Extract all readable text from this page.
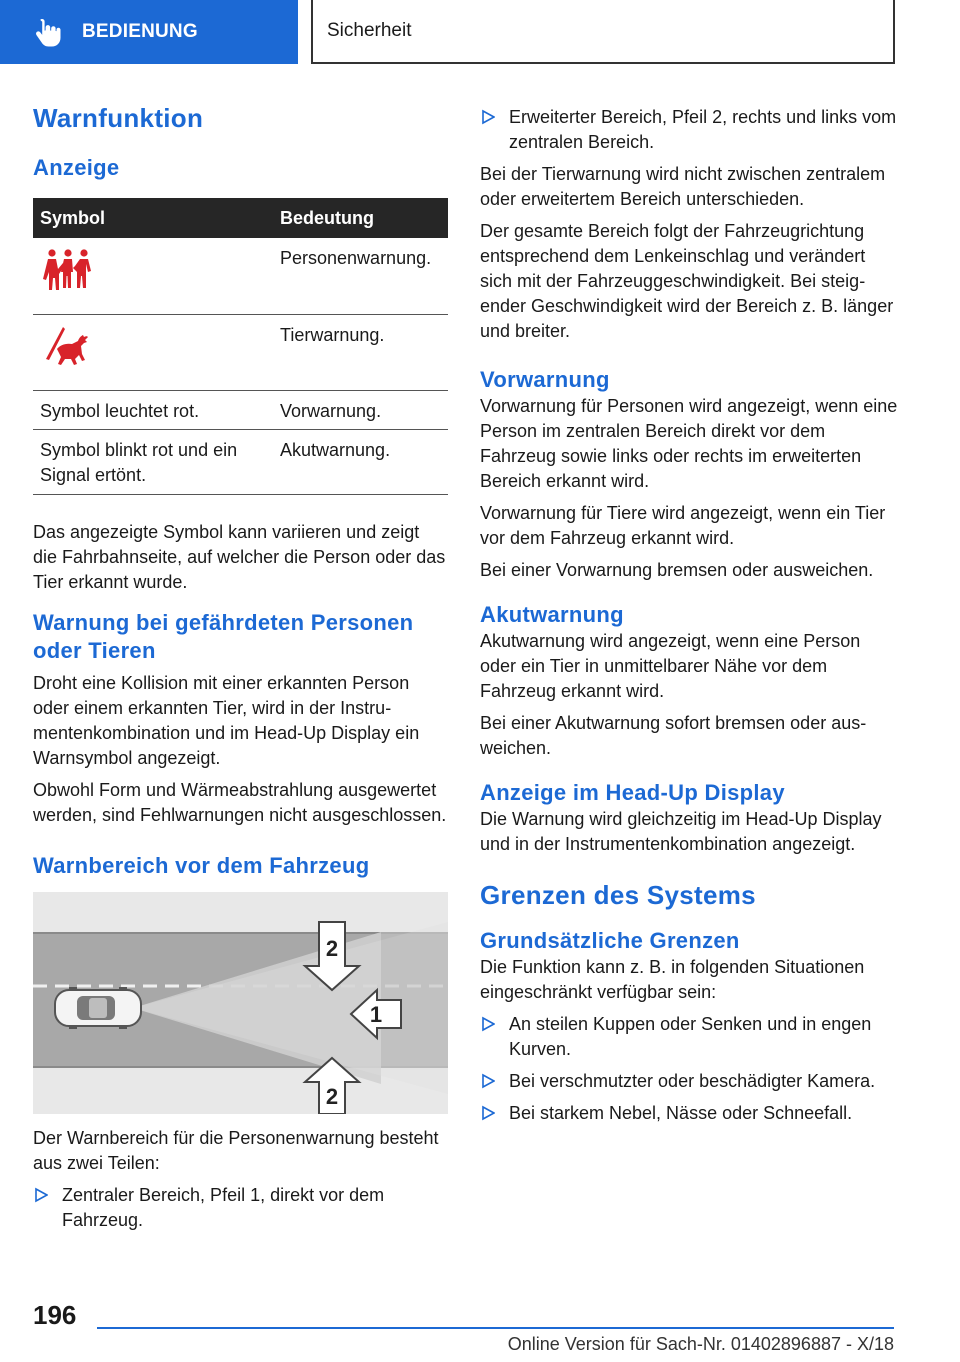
BEDIENUNG	Sicherheit
Warnfunktion
Anzeige
Symbol	Bedeutung
	Personenwarnung.
	Tierwarnung.
Symbol leuchtet rot.	Vorwarnung.
Symbol blinkt rot und ein Signal ertönt.	Akutwarnung.

Das angezeigte Symbol kann variieren und zeigt die Fahrbahnseite, auf welcher die Person oder das Tier erkannt wurde.

Warnung bei gefährdeten Personen oder Tieren

Droht eine Kollision mit einer erkannten Person oder einem erkannten Tier, wird in der Instrumentenkombination und im Head-Up Display ein Warnsymbol angezeigt.

Obwohl Form und Wärmeabstrahlung ausgewertet werden, sind Fehlwarnungen nicht ausgeschlossen.

Warnbereich vor dem Fahrzeug
2
1
2

Der Warnbereich für die Personenwarnung besteht aus zwei Teilen:

Zentraler Bereich, Pfeil 1, direkt vor dem Fahrzeug.
Erweiterter Bereich, Pfeil 2, rechts und links vom zentralen Bereich.

Bei der Tierwarnung wird nicht zwischen zentralem oder erweitertem Bereich unterschieden.

Der gesamte Bereich folgt der Fahrzeugrichtung entsprechend dem Lenkeinschlag und verändert sich mit der Fahrzeuggeschwindigkeit. Bei steigender Geschwindigkeit wird der Bereich z. B. länger und breiter.

Vorwarnung

Vorwarnung für Personen wird angezeigt, wenn eine Person im zentralen Bereich direkt vor dem Fahrzeug sowie links oder rechts im erweiterten Bereich erkannt wird.

Vorwarnung für Tiere wird angezeigt, wenn ein Tier vor dem Fahrzeug erkannt wird.

Bei einer Vorwarnung bremsen oder ausweichen.

Akutwarnung

Akutwarnung wird angezeigt, wenn eine Person oder ein Tier in unmittelbarer Nähe vor dem Fahrzeug erkannt wird.

Bei einer Akutwarnung sofort bremsen oder ausweichen.

Anzeige im Head-Up Display

Die Warnung wird gleichzeitig im Head-Up Display und in der Instrumentenkombination angezeigt.

Grenzen des Systems
Grundsätzliche Grenzen

Die Funktion kann z. B. in folgenden Situationen eingeschränkt verfügbar sein:

An steilen Kuppen oder Senken und in engen Kurven.
Bei verschmutzter oder beschädigter Kamera.
Bei starkem Nebel, Nässe oder Schneefall.
196
Online Version für Sach-Nr. 01402896887 - X/18
